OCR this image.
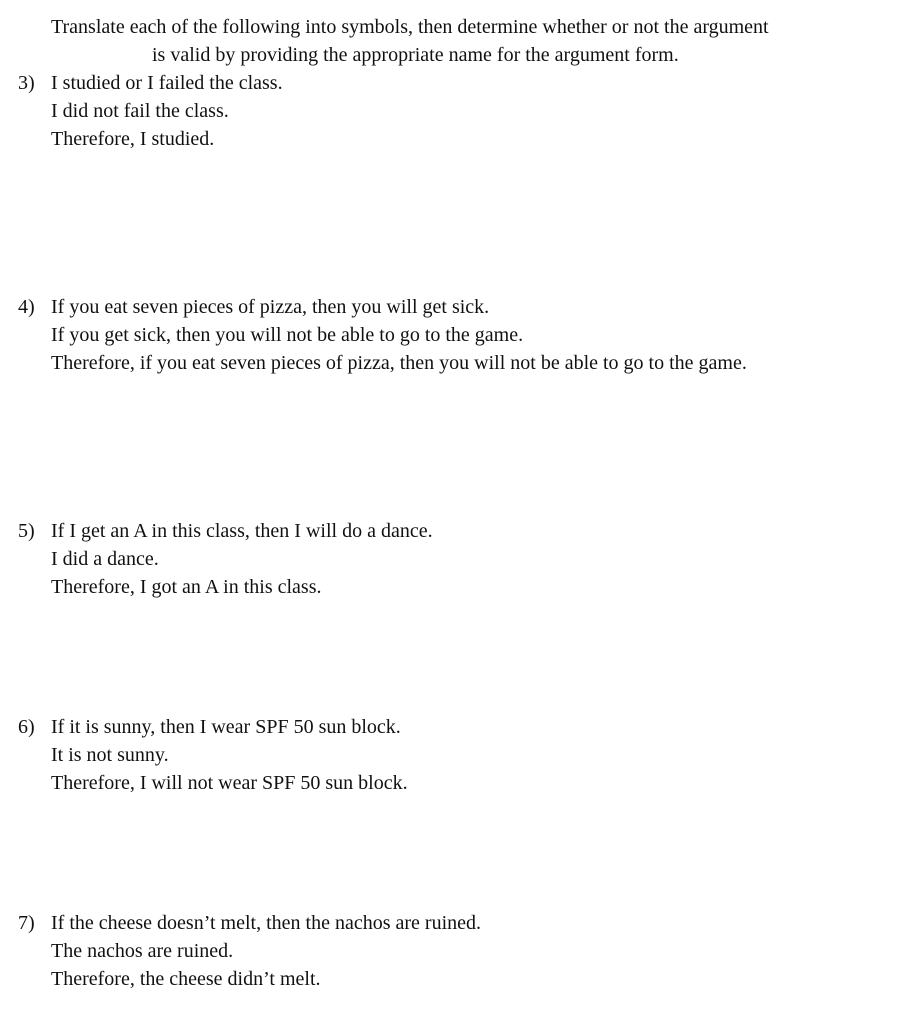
Translate each of the following into symbols, then determine whether or not the argument
is valid by providing the appropriate name for the argument form.
3) I studied or I failed the class.
I did not fail the class.
Therefore, I studied.
4) If you eat seven pieces of pizza, then you will get sick.
If you get sick, then you will not be able to go to the game.
Therefore, if you eat seven pieces of pizza, then you will not be able to go to the game.
5) If I get an A in this class, then I will do a dance.
I did a dance.
Therefore, I got an A in this class.
6) If it is sunny, then I wear SPF 50 sun block.
It is not sunny.
Therefore, I will not wear SPF 50 sun block.
7) If the cheese doesn’t melt, then the nachos are ruined.
The nachos are ruined.
Therefore, the cheese didn’t melt.
